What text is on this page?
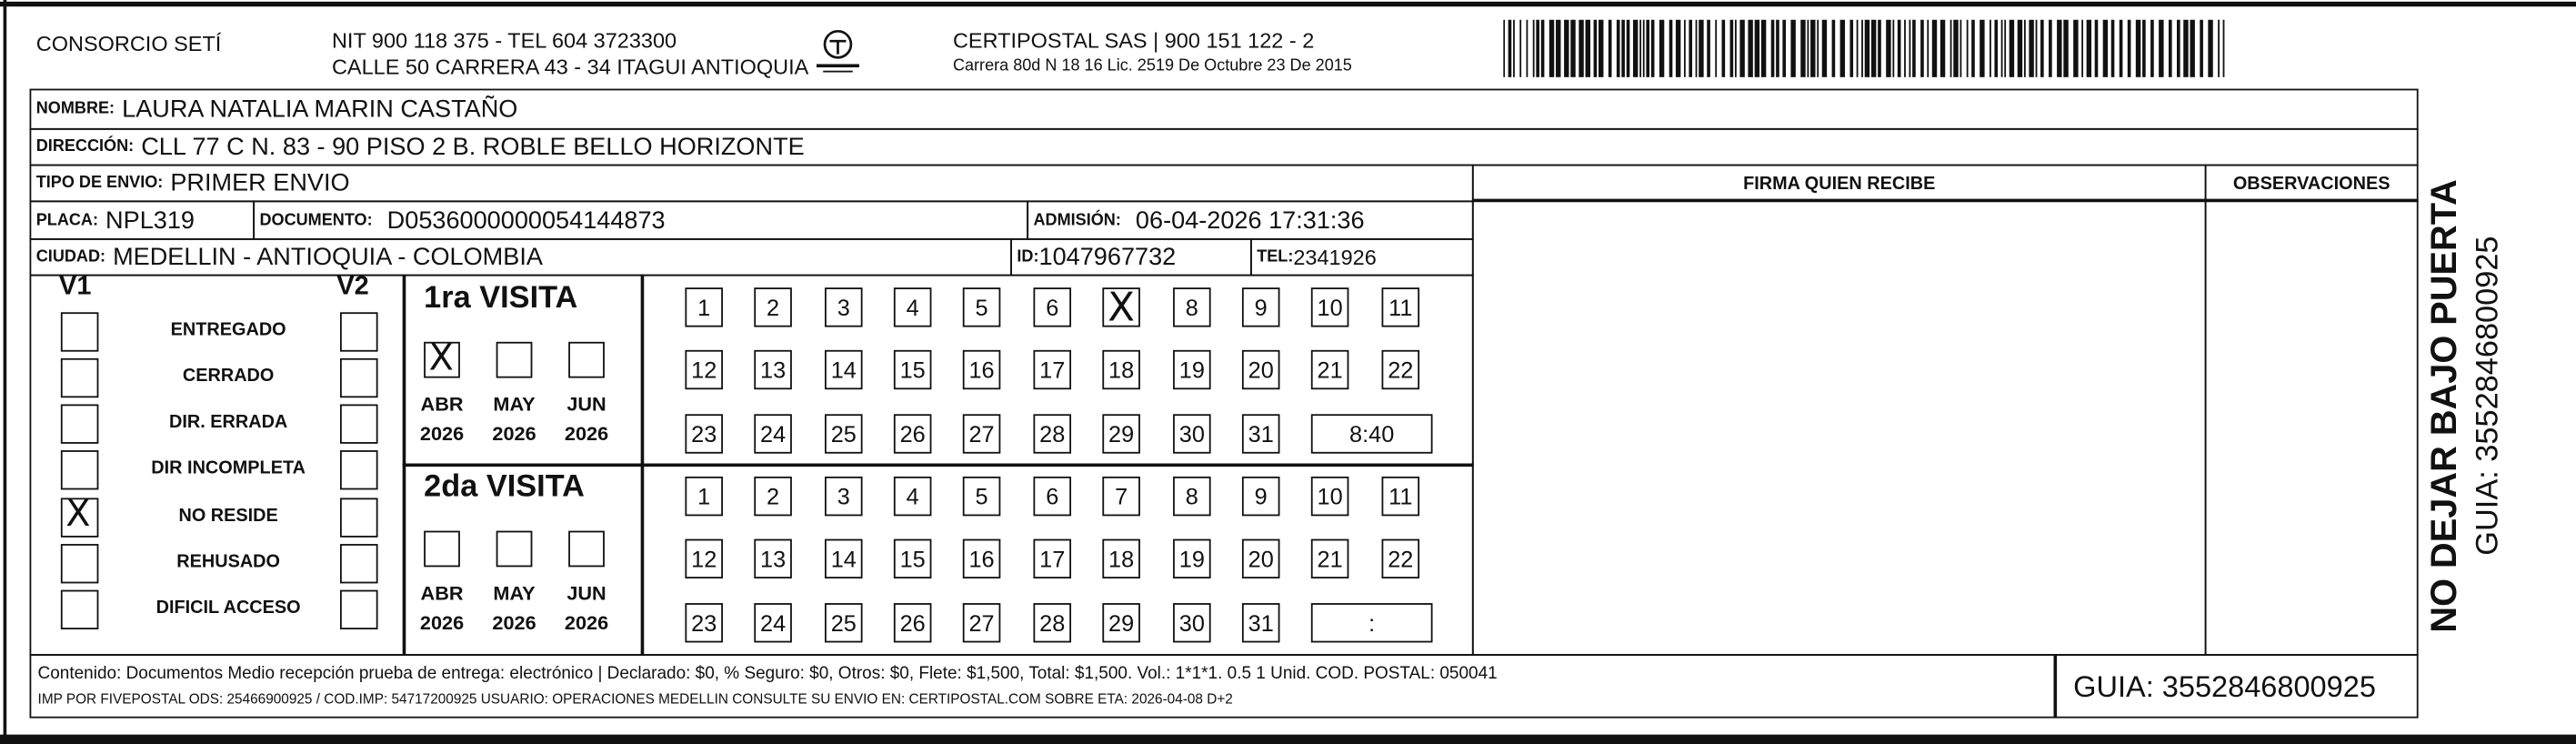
CONSORCIO SETÍ	NIT 900 118 375 - TEL 604 3723300
CALLE 50 CARRERA 43 - 34 ITAGUI ANTIOQUIA
CERTIPOSTAL SAS | 900 151 122 - 2
Carrera 80d N 18 16 Lic. 2519 De Octubre 23 De 2015
NOMBRE:
LAURA NATALIA MARIN CASTAÑO
DIRECCIÓN:
CLL 77 C N. 83 - 90 PISO 2 B. ROBLE BELLO HORIZONTE
TIPO DE ENVIO:
PRIMER ENVIO
PLACA:
NPL319	DOCUMENTO:
D0536000000054144873	ADMISIÓN:
06-04-2026 17:31:36
CIUDAD:
MEDELLIN - ANTIOQUIA - COLOMBIA	ID: 1047967732	TEL: 2341926
FIRMA QUIEN RECIBE	OBSERVACIONES
V1	V2
ENTREGADO
CERRADO
DIR. ERRADA
DIR INCOMPLETA
X	NO RESIDE
REHUSADO
DIFICIL ACCESO
1ra VISITA
X
ABR
2026
MAY
2026
JUN
2026
1	2	3	4	5	6	X	8	9	10	11
12	13	14	15	16	17	18	19	20	21	22
23	24	25	26	27	28	29	30	31	8:40
2da VISITA
ABR
2026
MAY
2026
JUN
2026
1	2	3	4	5	6	7	8	9	10	11
12	13	14	15	16	17	18	19	20	21	22
23	24	25	26	27	28	29	30	31	:
Contenido: Documentos Medio recepción prueba de entrega: electrónico | Declarado: $0, % Seguro: $0, Otros: $0, Flete: $1,500, Total: $1,500. Vol.: 1*1*1. 0.5 1 Unid. COD. POSTAL: 050041
IMP POR FIVEPOSTAL ODS: 25466900925 / COD.IMP: 54717200925 USUARIO: OPERACIONES MEDELLIN CONSULTE SU ENVIO EN: CERTIPOSTAL.COM SOBRE ETA: 2026-04-08 D+2	GUIA: 3552846800925
NO DEJAR BAJO PUERTA GUIA: 3552846800925
